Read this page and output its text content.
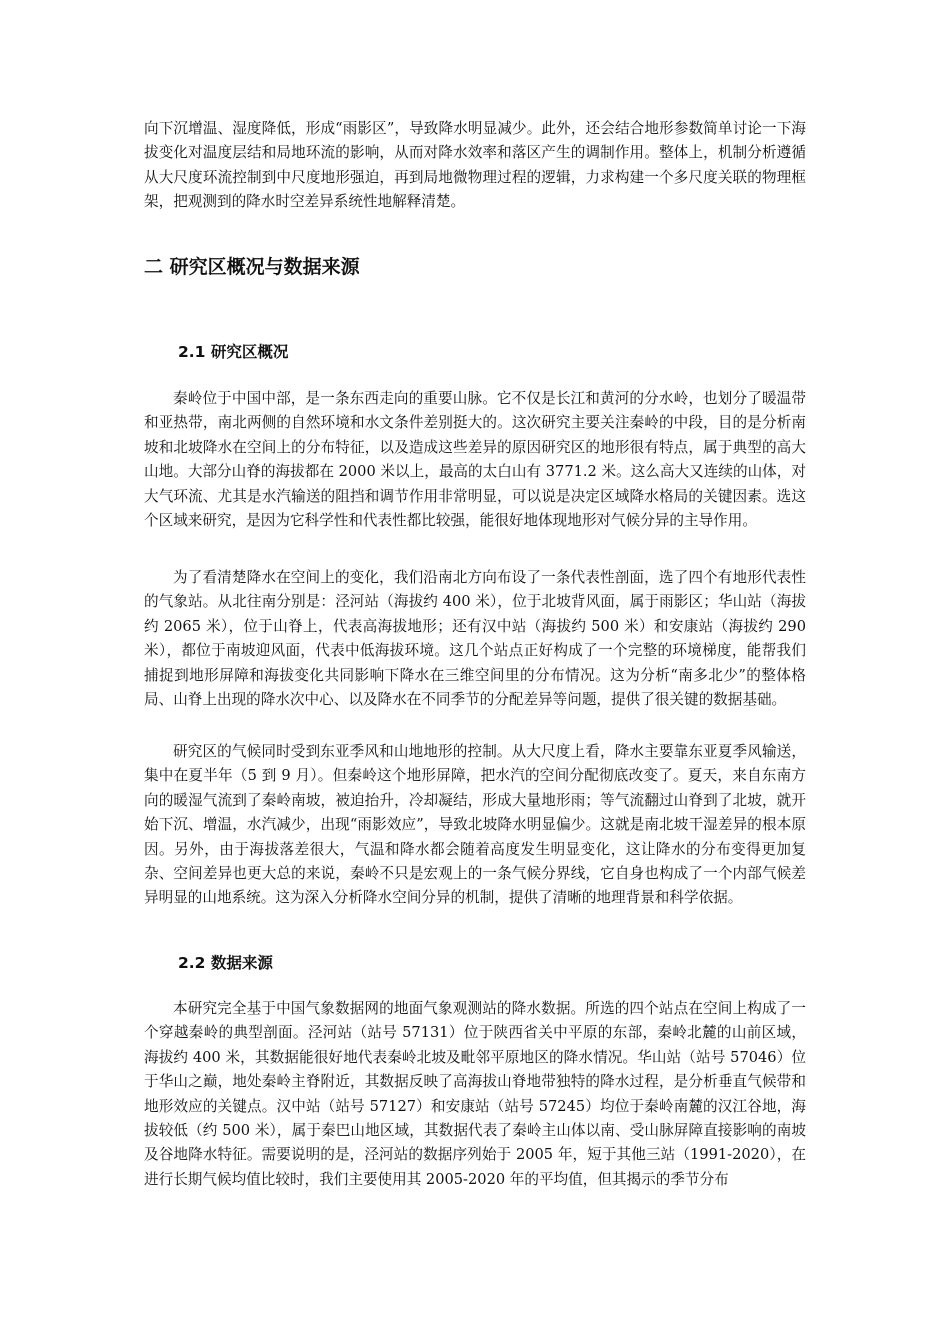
向下沉增温、湿度降低，形成“雨影区”，导致降水明显减少。此外，还会结合地形参数简单讨论一下海拔变化对温度层结和局地环流的影响，从而对降水效率和落区产生的调制作用。整体上，机制分析遵循从大尺度环流控制到中尺度地形强迫，再到局地微物理过程的逻辑，力求构建一个多尺度关联的物理框架，把观测到的降水时空差异系统性地解释清楚。

二 研究区概况与数据来源
2.1 研究区概况

秦岭位于中国中部，是一条东西走向的重要山脉。它不仅是长江和黄河的分水岭，也划分了暖温带和亚热带，南北两侧的自然环境和水文条件差别挺大的。这次研究主要关注秦岭的中段，目的是分析南坡和北坡降水在空间上的分布特征，以及造成这些差异的原因研究区的地形很有特点，属于典型的高大山地。大部分山脊的海拔都在 2000 米以上，最高的太白山有 3771.2 米。这么高大又连续的山体，对大气环流、尤其是水汽输送的阻挡和调节作用非常明显，可以说是决定区域降水格局的关键因素。选这个区域来研究，是因为它科学性和代表性都比较强，能很好地体现地形对气候分异的主导作用。

为了看清楚降水在空间上的变化，我们沿南北方向布设了一条代表性剖面，选了四个有地形代表性的气象站。从北往南分别是：泾河站（海拔约 400 米），位于北坡背风面，属于雨影区；华山站（海拔约 2065 米），位于山脊上，代表高海拔地形；还有汉中站（海拔约 500 米）和安康站（海拔约 290 米），都位于南坡迎风面，代表中低海拔环境。这几个站点正好构成了一个完整的环境梯度，能帮我们捕捉到地形屏障和海拔变化共同影响下降水在三维空间里的分布情况。这为分析“南多北少”的整体格局、山脊上出现的降水次中心、以及降水在不同季节的分配差异等问题，提供了很关键的数据基础。

研究区的气候同时受到东亚季风和山地地形的控制。从大尺度上看，降水主要靠东亚夏季风输送，集中在夏半年（5 到 9 月）。但秦岭这个地形屏障，把水汽的空间分配彻底改变了。夏天，来自东南方向的暖湿气流到了秦岭南坡，被迫抬升，冷却凝结，形成大量地形雨；等气流翻过山脊到了北坡，就开始下沉、增温，水汽减少，出现“雨影效应”，导致北坡降水明显偏少。这就是南北坡干湿差异的根本原因。另外，由于海拔落差很大，气温和降水都会随着高度发生明显变化，这让降水的分布变得更加复杂、空间差异也更大总的来说，秦岭不只是宏观上的一条气候分界线，它自身也构成了一个内部气候差异明显的山地系统。这为深入分析降水空间分异的机制，提供了清晰的地理背景和科学依据。

2.2 数据来源

本研究完全基于中国气象数据网的地面气象观测站的降水数据。所选的四个站点在空间上构成了一个穿越秦岭的典型剖面。泾河站（站号 57131）位于陕西省关中平原的东部，秦岭北麓的山前区域，海拔约 400 米，其数据能很好地代表秦岭北坡及毗邻平原地区的降水情况。华山站（站号 57046）位于华山之巅，地处秦岭主脊附近，其数据反映了高海拔山脊地带独特的降水过程，是分析垂直气候带和地形效应的关键点。汉中站（站号 57127）和安康站（站号 57245）均位于秦岭南麓的汉江谷地，海拔较低（约 500 米），属于秦巴山地区域，其数据代表了秦岭主山体以南、受山脉屏障直接影响的南坡及谷地降水特征。需要说明的是，泾河站的数据序列始于 2005 年，短于其他三站（1991-2020），在进行长期气候均值比较时，我们主要使用其 2005-2020 年的平均值，但其揭示的季节分布
